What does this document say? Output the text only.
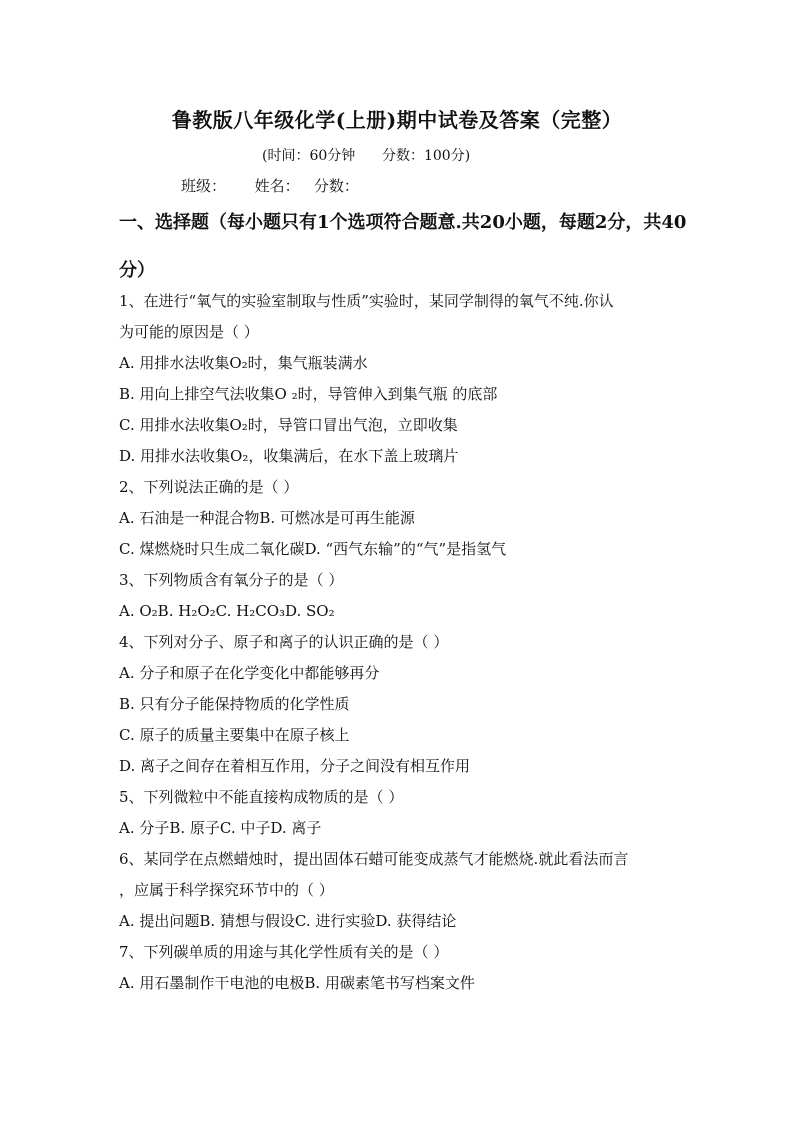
鲁教版八年级化学(上册)期中试卷及答案（完整）
(时间：60分钟      分数：100分)
班级：      姓名：   分数：
一、选择题（每小题只有1个选项符合题意.共20小题，每题2分，共40分）
1、在进行“氧气的实验室制取与性质”实验时，某同学制得的氧气不纯.你认
为可能的原因是（ ）
A. 用排水法收集O₂时，集气瓶装满水
B. 用向上排空气法收集O ₂时，导管伸入到集气瓶 的底部
C. 用排水法收集O₂时，导管口冒出气泡，立即收集
D. 用排水法收集O₂，收集满后，在水下盖上玻璃片
2、下列说法正确的是（ ）
A. 石油是一种混合物B. 可燃冰是可再生能源
C. 煤燃烧时只生成二氧化碳D. “西气东输”的“气”是指氢气
3、下列物质含有氧分子的是（ ）
A. O₂B. H₂O₂C. H₂CO₃D. SO₂
4、下列对分子、原子和离子的认识正确的是（ ）
A. 分子和原子在化学变化中都能够再分
B. 只有分子能保持物质的化学性质
C. 原子的质量主要集中在原子核上
D. 离子之间存在着相互作用，分子之间没有相互作用
5、下列微粒中不能直接构成物质的是（ ）
A. 分子B. 原子C. 中子D. 离子
6、某同学在点燃蜡烛时，提出固体石蜡可能变成蒸气才能燃烧.就此看法而言
，应属于科学探究环节中的（ ）
A. 提出问题B. 猜想与假设C. 进行实验D. 获得结论
7、下列碳单质的用途与其化学性质有关的是（ ）
A. 用石墨制作干电池的电极B. 用碳素笔书写档案文件
